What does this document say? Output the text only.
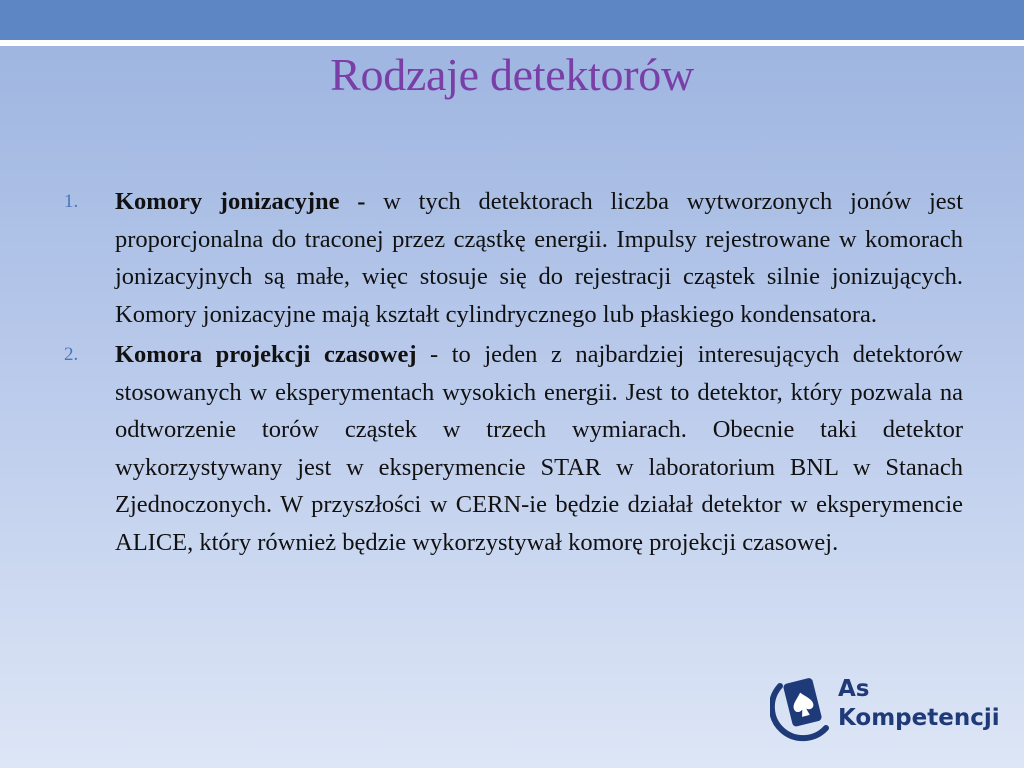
Rodzaje detektorów
1. Komory jonizacyjne - w tych detektorach liczba wytworzonych jonów jest proporcjonalna do traconej przez cząstkę energii. Impulsy rejestrowane w komorach jonizacyjnych są małe, więc stosuje się do rejestracji cząstek silnie jonizujących. Komory jonizacyjne mają kształt cylindrycznego lub płaskiego kondensatora.
2. Komora projekcji czasowej - to jeden z najbardziej interesujących detektorów stosowanych w eksperymentach wysokich energii. Jest to detektor, który pozwala na odtworzenie torów cząstek w trzech wymiarach. Obecnie taki detektor wykorzystywany jest w eksperymencie STAR w laboratorium BNL w Stanach Zjednoczonych. W przyszłości w CERN-ie będzie działał detektor w eksperymencie ALICE, który również będzie wykorzystywał komorę projekcji czasowej.
As
Kompetencji
